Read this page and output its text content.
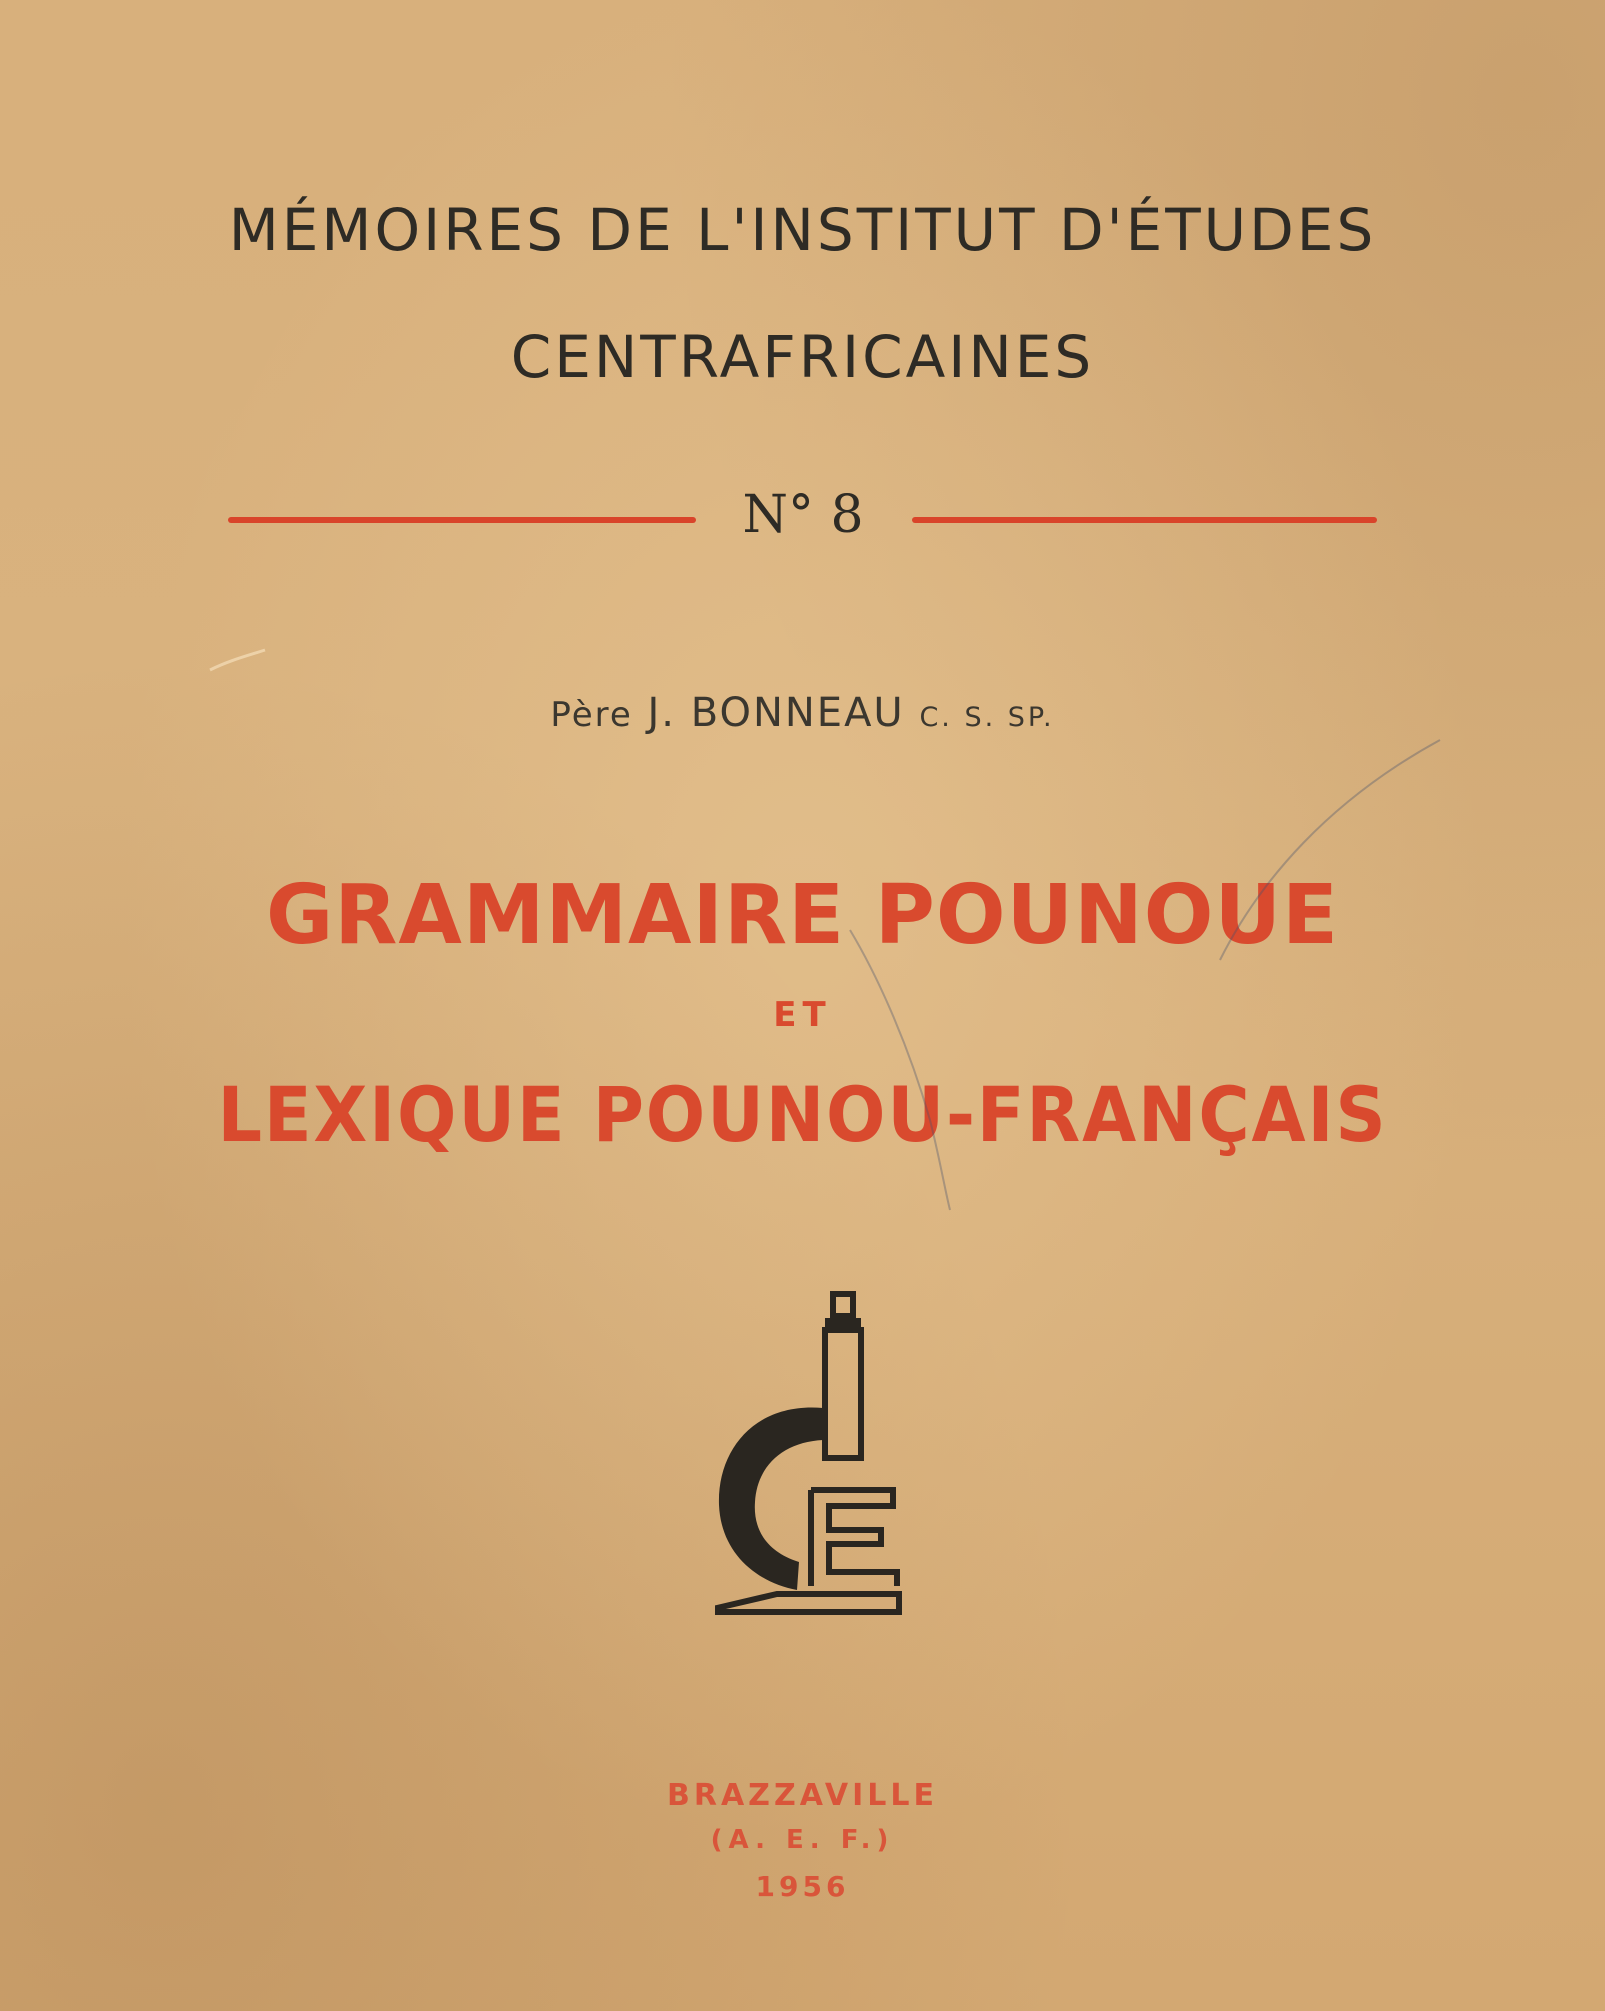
MÉMOIRES DE L'INSTITUT D'ÉTUDES
CENTRAFRICAINES
N° 8
Père J. BONNEAU C. S. SP.
GRAMMAIRE POUNOUE
ET
LEXIQUE POUNOU-FRANÇAIS
BRAZZAVILLE
(A. E. F.)
1956
